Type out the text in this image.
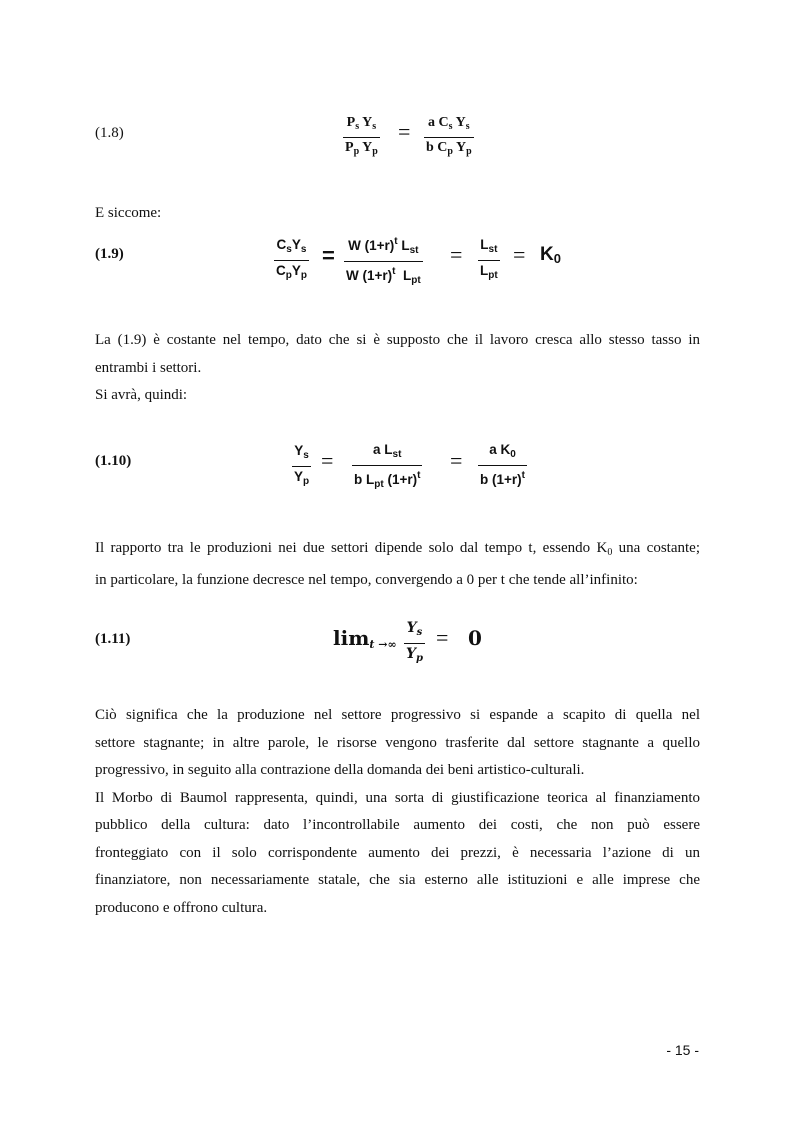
(1.8)
$P_s$ $Y_s$
$P_p$ $Y_p$
= a $C_s$ $Y_s$
b $C_p$ $Y_p$
E siccome:
(1.9)
$C_sY_s$
$C_pY_p$
= W $(1+r)^t$ $L_{st}$
W $(1+r)^t$  $L_{pt}$
= $L_{st}$
$L_{pt}$
= $K_0$
La (1.9) è costante nel tempo, dato che si è supposto che il lavoro cresca allo stesso tasso in
entrambi i settori.
Si avrà, quindi:
(1.10)
$Y_s$
$Y_p$
=	a $L_{st}$
b $L_{pt}$ $(1+r)^t$
= a $K_0$
b $(1+r)^t$
Il rapporto tra le produzioni nei due settori dipende solo dal tempo t, essendo $K_0$ una costante;
in particolare, la funzione decresce nel tempo, convergendo a 0 per t che tende all’infinito:
(1.11)	$\lim_{t \to\infty}$
$Y_s$
$Y_p$
= 0
Ciò significa che la produzione nel settore progressivo si espande a scapito di quella nel
settore stagnante; in altre parole, le risorse vengono trasferite dal settore stagnante a quello
progressivo, in seguito alla contrazione della domanda dei beni artistico-culturali.
Il Morbo di Baumol rappresenta, quindi, una sorta di giustificazione teorica al finanziamento
pubblico della cultura: dato l’incontrollabile aumento dei costi, che non può essere
fronteggiato con il solo corrispondente aumento dei prezzi, è necessaria l’azione di un
finanziatore, non necessariamente statale, che sia esterno alle istituzioni e alle imprese che
producono e offrono cultura.
- 15 -
